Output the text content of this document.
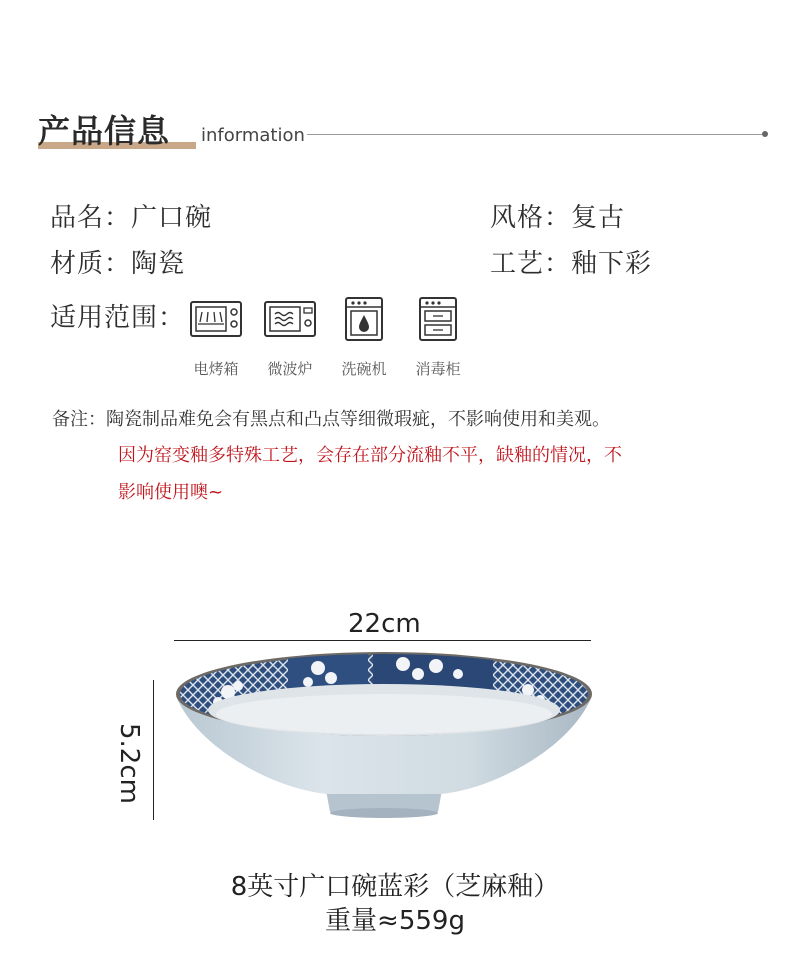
产品信息 information
品名：广口碗	风格：复古
材质：陶瓷	工艺：釉下彩
适用范围：
电烤箱	微波炉	洗碗机	消毒柜
备注：陶瓷制品难免会有黑点和凸点等细微瑕疵，不影响使用和美观。
因为窑变釉多特殊工艺，会存在部分流釉不平，缺釉的情况，不
影响使用噢~
22cm
5.2cm
8英寸广口碗蓝彩（芝麻釉）
重量≈559g
